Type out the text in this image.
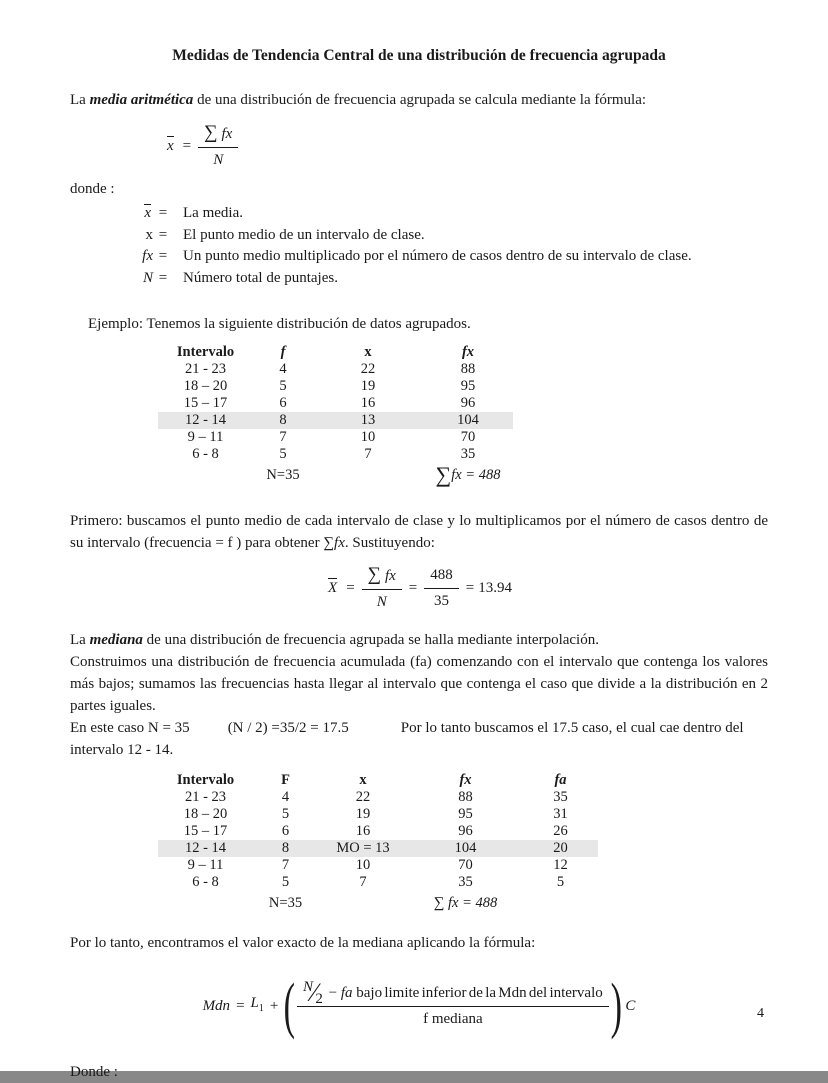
Medidas de Tendencia Central de una distribución de frecuencia agrupada

La media aritmética de una distribución de frecuencia agrupada se calcula mediante la fórmula:

$x = \frac{\sum fx}{N}$

donde :

x = La media.
x = El punto medio de un intervalo de clase.
fx = Un punto medio multiplicado por el número de casos dentro de su intervalo de clase.
N = Número total de puntajes.

Ejemplo: Tenemos la siguiente distribución de datos agrupados.

Intervalo	f	x	fx
21 - 23	4	22	88
18 – 20	5	19	95
15 – 17	6	16	96
12 - 14	8	13	104
9 – 11	7	10	70
6 - 8	5	7	35
	N=35		∑fx = 488

Primero: buscamos el punto medio de cada intervalo de clase y lo multiplicamos por el número de casos dentro de su intervalo (frecuencia = f ) para obtener ∑fx. Sustituyendo:

$X = \frac{\sum fx}{N} = \frac{488}{35} = 13.94$

La mediana de una distribución de frecuencia agrupada se halla mediante interpolación.

Construimos una distribución de frecuencia acumulada (fa) comenzando con el intervalo que contenga los valores más bajos; sumamos las frecuencias hasta llegar al intervalo que contenga el caso que divide a la distribución en 2 partes iguales.

En este caso N = 35	(N / 2) =35/2 = 17.5	Por lo tanto buscamos el 17.5 caso, el cual cae dentro del intervalo 12 - 14.

Intervalo	F	x	fx	fa
21 - 23	4	22	88	35
18 – 20	5	19	95	31
15 – 17	6	16	96	26
12 - 14	8	MO = 13	104	20
9 – 11	7	10	70	12
6 - 8	5	7	35	5
	N=35		∑ fx = 488	

Por lo tanto, encontramos el valor exacto de la mediana aplicando la fórmula:

Mdn = $L_1$ + ( $\frac{\text{N ⁄ 2 − fa bajo limite inferior de la Mdn del intervalo}}{\text{f mediana}}$ ) C

Donde :

4
